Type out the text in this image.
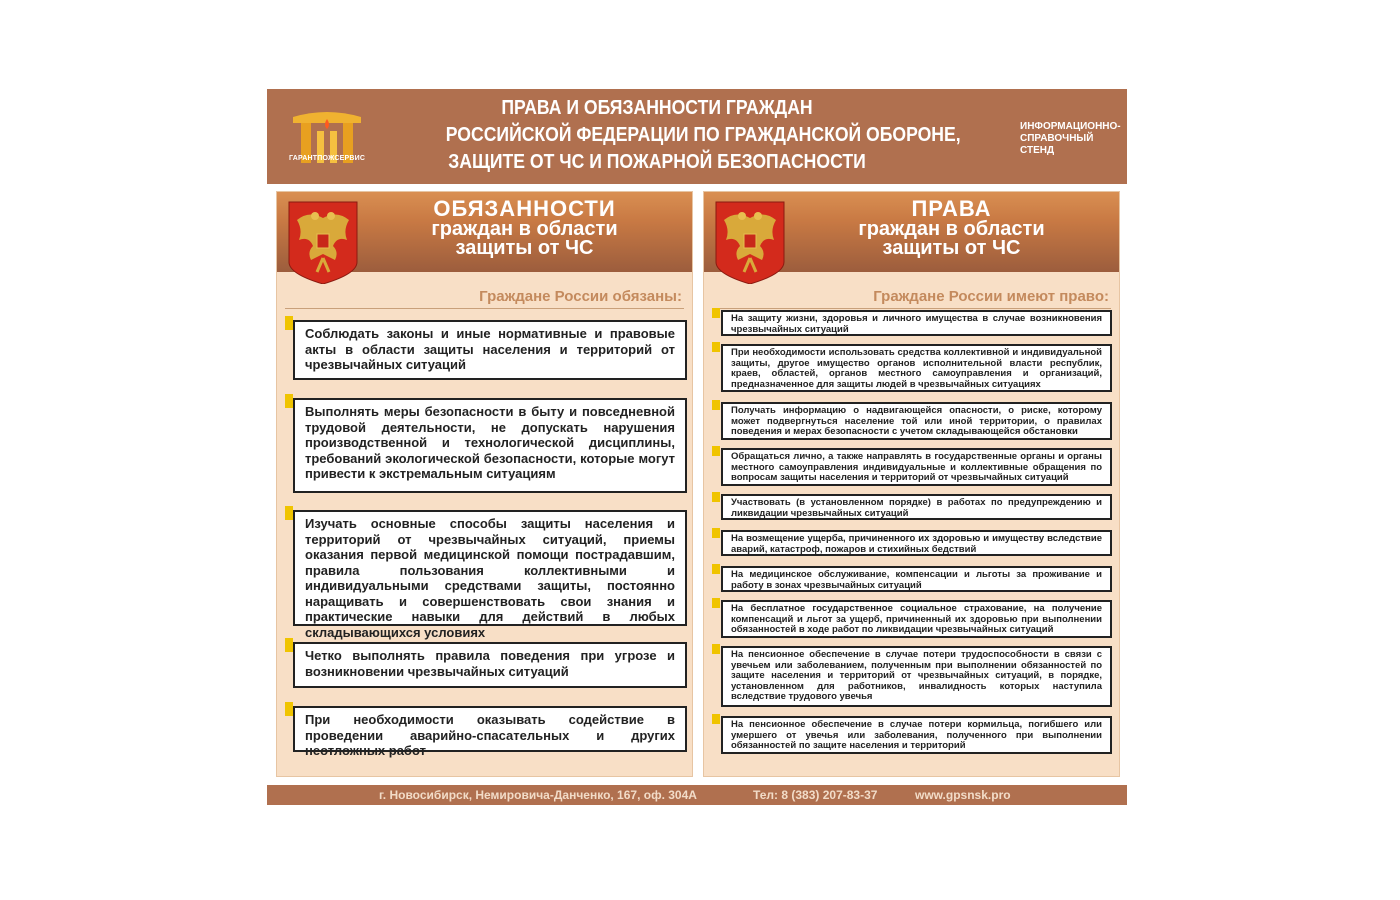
ГАРАНТПОЖСЕРВИС
ПРАВА И ОБЯЗАННОСТИ ГРАЖДАН
РОССИЙСКОЙ ФЕДЕРАЦИИ ПО ГРАЖДАНСКОЙ ОБОРОНЕ,
ЗАЩИТЕ ОТ ЧС И ПОЖАРНОЙ БЕЗОПАСНОСТИ
ИНФОРМАЦИОННО-
СПРАВОЧНЫЙ
СТЕНД
ОБЯЗАННОСТИ
граждан в области
защиты от ЧС
Граждане России обязаны:
Соблюдать законы и иные нормативные и правовые акты в области защиты населения и территорий от чрезвычайных ситуаций
Выполнять меры безопасности в быту и повседневной трудовой деятельности, не допускать нарушения производственной и технологической дисциплины, требований экологической безопасности, которые могут привести к экстремальным ситуациям
Изучать основные способы защиты населения и территорий от чрезвычайных ситуаций, приемы оказания первой медицинской помощи пострадавшим, правила пользования коллективными и индивидуальными средствами защиты, постоянно наращивать и совершенствовать свои знания и практические навыки для действий в любых складывающихся условиях
Четко выполнять правила поведения при угрозе и возникновении чрезвычайных ситуаций
При необходимости оказывать содействие в проведении аварийно-спасательных и других неотложных работ
ПРАВА
граждан в области
защиты от ЧС
Граждане России имеют право:
На защиту жизни, здоровья и личного имущества в случае возникновения чрезвычайных ситуаций
При необходимости использовать средства коллективной и индивидуальной защиты, другое имущество органов исполнительной власти республик, краев, областей, органов местного самоуправления и организаций, предназначенное для защиты людей в чрезвычайных ситуациях
Получать информацию о надвигающейся опасности, о риске, которому может подвергнуться население той или иной территории, о правилах поведения и мерах безопасности с учетом складывающейся обстановки
Обращаться лично, а также направлять в государственные органы и органы местного самоуправления индивидуальные и коллективные обращения по вопросам защиты населения и территорий от чрезвычайных ситуаций
Участвовать (в установленном порядке) в работах по предупреждению и ликвидации чрезвычайных ситуаций
На возмещение ущерба, причиненного их здоровью и имуществу вследствие аварий, катастроф, пожаров и стихийных бедствий
На медицинское обслуживание, компенсации и льготы за проживание и работу в зонах чрезвычайных ситуаций
На бесплатное государственное социальное страхование, на получение компенсаций и льгот за ущерб, причиненный их здоровью при выполнении обязанностей в ходе работ по ликвидации чрезвычайных ситуаций
На пенсионное обеспечение в случае потери трудоспособности в связи с увечьем или заболеванием, полученным при выполнении обязанностей по защите населения и территорий от чрезвычайных ситуаций, в порядке, установленном для работников, инвалидность которых наступила вследствие трудового увечья
На пенсионное обеспечение в случае потери кормильца, погибшего или умершего от увечья или заболевания, полученного при выполнении обязанностей по защите населения и территорий
г. Новосибирск, Немировича-Данченко, 167, оф. 304А	Тел: 8 (383) 207-83-37	www.gpsnsk.pro
